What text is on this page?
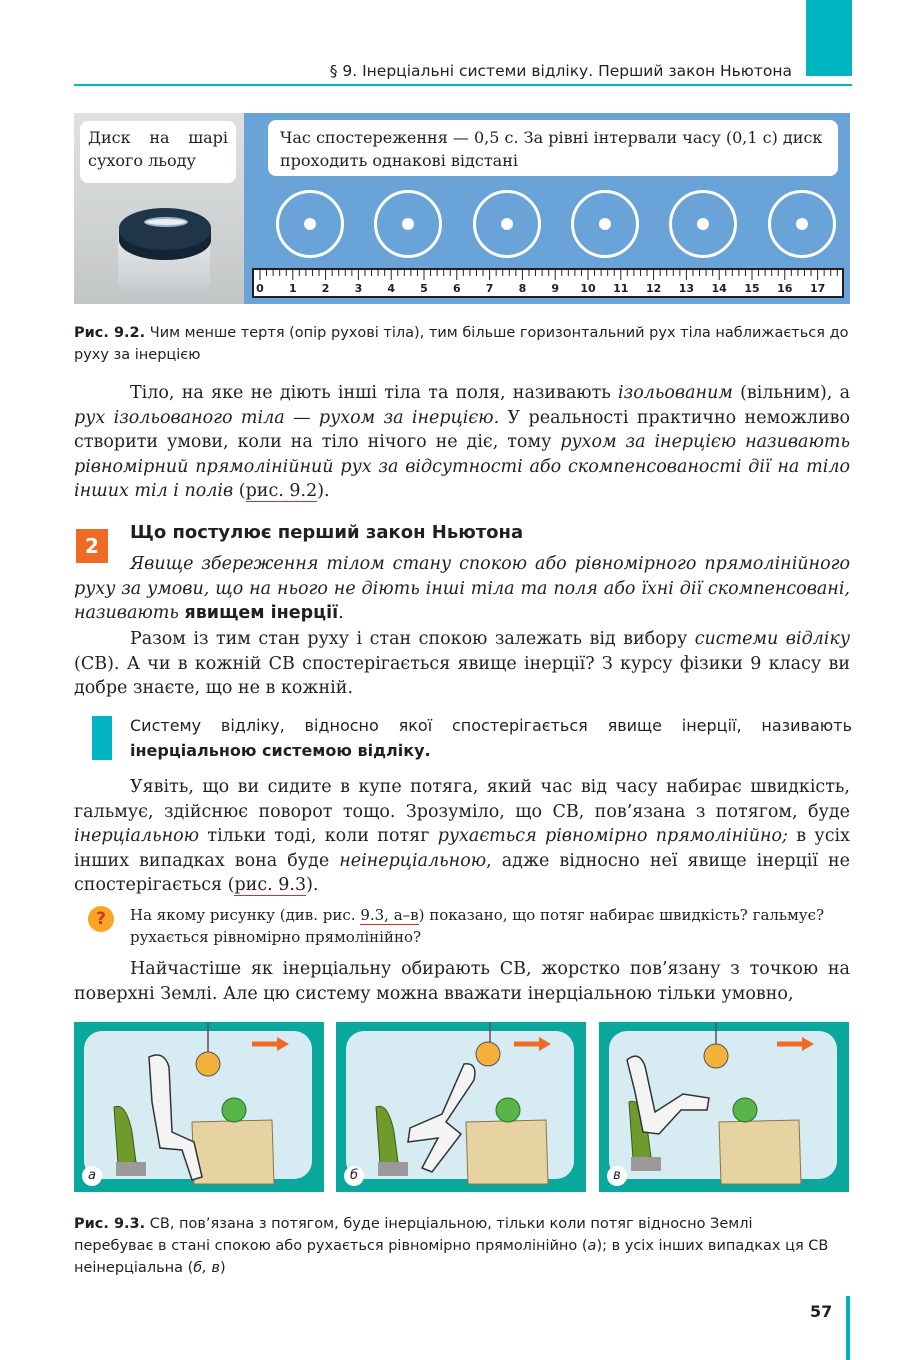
§ 9. Інерціальні системи відліку. Перший закон Ньютона
Диск на шарі сухого льоду
Час спостереження — 0,5 с. За рівні інтервали часу (0,1 с) диск проходить однакові відстані
0 1 2 3 4 5 6 7 8 9 10 11 12 13 14 15 16 17
Рис. 9.2. Чим менше тертя (опір рухові тіла), тим більше горизонтальний рух тіла наближається до руху за інерцією
Тіло, на яке не діють інші тіла та поля, називають ізольованим (вільним), а рух ізольованого тіла — рухом за інерцією. У реальності практично неможливо створити умови, коли на тіло нічого не діє, тому рухом за інерцією називають рівномірний прямолінійний рух за відсутності або скомпенсованості дії на тіло інших тіл і полів (рис. 9.2).
2
Що постулює перший закон Ньютона
Явище збереження тілом стану спокою або рівномірного прямолінійного руху за умови, що на нього не діють інші тіла та поля або їхні дії скомпенсовані, називають явищем інерції.
Разом із тим стан руху і стан спокою залежать від вибору системи відліку (СВ). А чи в кожній СВ спостерігається явище інерції? З курсу фізики 9 класу ви добре знаєте, що не в кожній.
Систему відліку, відносно якої спостерігається явище інерції, називають інерціальною системою відліку.
Уявіть, що ви сидите в купе потяга, який час від часу набирає швидкість, гальмує, здійснює поворот тощо. Зрозуміло, що СВ, пов’язана з потягом, буде інерціальною тільки тоді, коли потяг рухається рівномірно прямолінійно; в усіх інших випадках вона буде неінерціальною, адже відносно неї явище інерції не спостерігається (рис. 9.3).
?	На якому рисунку (див. рис. 9.3, а–в) показано, що потяг набирає швидкість? гальмує? рухається рівномірно прямолінійно?
Найчастіше як інерціальну обирають СВ, жорстко пов’язану з точкою на поверхні Землі. Але цю систему можна вважати інерціальною тільки умовно,
а	б	в
Рис. 9.3. СВ, пов’язана з потягом, буде інерціальною, тільки коли потяг відносно Землі перебуває в стані спокою або рухається рівномірно прямолінійно (а); в усіх інших випадках ця СВ неінерціальна (б, в)
57
